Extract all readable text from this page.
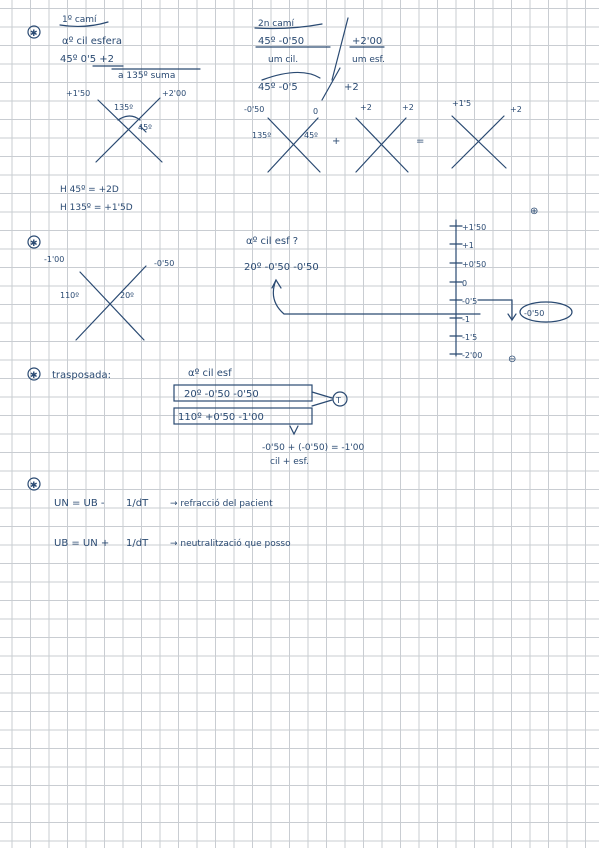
✱
1º camí
αº cil esfera
45º 0'5 +2
a 135º suma
+1'50	+2'00
135º
45º
2n camí
45º -0'50	+2'00
um cil.	um esf.
45º -0'5	+2
-0'50	0
135º	45º
+
+2	+2
=
+1'5
+2
H 45º = +2D
H 135º = +1'5D
✱
-1'00	-0'50
110º	20º
αº cil esf ?
20º -0'50 -0'50
⊕
+1'50
+1
+0'50
0
-0'5
-1
-1'5
-2'00
-0'50
⊖
✱ trasposada:	αº cil esf
20º -0'50 -0'50
T
110º +0'50 -1'00
-0'50 + (-0'50) = -1'00
cil + esf.
✱
UN = UB - 1/dT → refracció del pacient
UB = UN + 1/dT → neutralització que posso
